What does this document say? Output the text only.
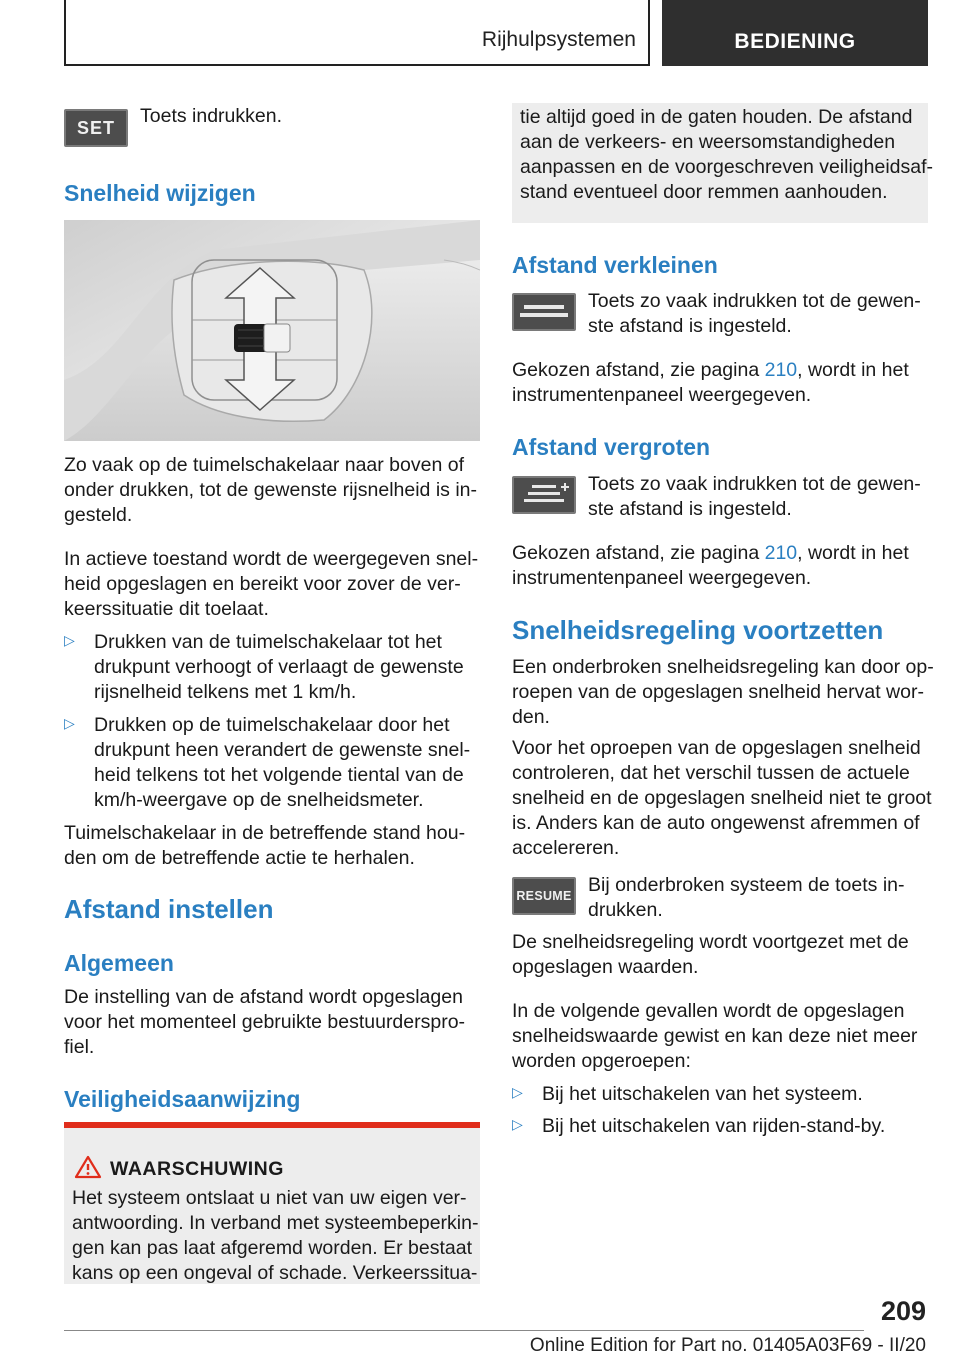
Rijhulpsystemen	BEDIENING
SET
Toets indrukken.
Snelheid wijzigen
Zo vaak op de tuimelschakelaar naar boven of
onder drukken, tot de gewenste rijsnelheid is in-
gesteld.
In actieve toestand wordt de weergegeven snel-
heid opgeslagen en bereikt voor zover de ver-
keerssituatie dit toelaat.
▷ Drukken van de tuimelschakelaar tot het
drukpunt verhoogt of verlaagt de gewenste
rijsnelheid telkens met 1 km/h.
▷ Drukken op de tuimelschakelaar door het
drukpunt heen verandert de gewenste snel-
heid telkens tot het volgende tiental van de
km/h-weergave op de snelheidsmeter.
Tuimelschakelaar in de betreffende stand hou-
den om de betreffende actie te herhalen.
Afstand instellen
Algemeen
De instelling van de afstand wordt opgeslagen
voor het momenteel gebruikte bestuurderspro-
fiel.
Veiligheidsaanwijzing
WAARSCHUWING
Het systeem ontslaat u niet van uw eigen ver-
antwoording. In verband met systeembeperkin-
gen kan pas laat afgeremd worden. Er bestaat
kans op een ongeval of schade. Verkeerssitua-
tie altijd goed in de gaten houden. De afstand
aan de verkeers- en weersomstandigheden
aanpassen en de voorgeschreven veiligheidsaf-
stand eventueel door remmen aanhouden.
Afstand verkleinen
Toets zo vaak indrukken tot de gewen-
ste afstand is ingesteld.
Gekozen afstand, zie pagina 210, wordt in het
instrumentenpaneel weergegeven.
Afstand vergroten
Toets zo vaak indrukken tot de gewen-
ste afstand is ingesteld.
Gekozen afstand, zie pagina 210, wordt in het
instrumentenpaneel weergegeven.
Snelheidsregeling voortzetten
Een onderbroken snelheidsregeling kan door op-
roepen van de opgeslagen snelheid hervat wor-
den.
Voor het oproepen van de opgeslagen snelheid
controleren, dat het verschil tussen de actuele
snelheid en de opgeslagen snelheid niet te groot
is. Anders kan de auto ongewenst afremmen of
accelereren.
RESUME Bij onderbroken systeem de toets in-
drukken.
De snelheidsregeling wordt voortgezet met de
opgeslagen waarden.
In de volgende gevallen wordt de opgeslagen
snelheidswaarde gewist en kan deze niet meer
worden opgeroepen:
▷ Bij het uitschakelen van het systeem.
▷ Bij het uitschakelen van rijden-stand-by.
209
Online Edition for Part no. 01405A03F69 - II/20
